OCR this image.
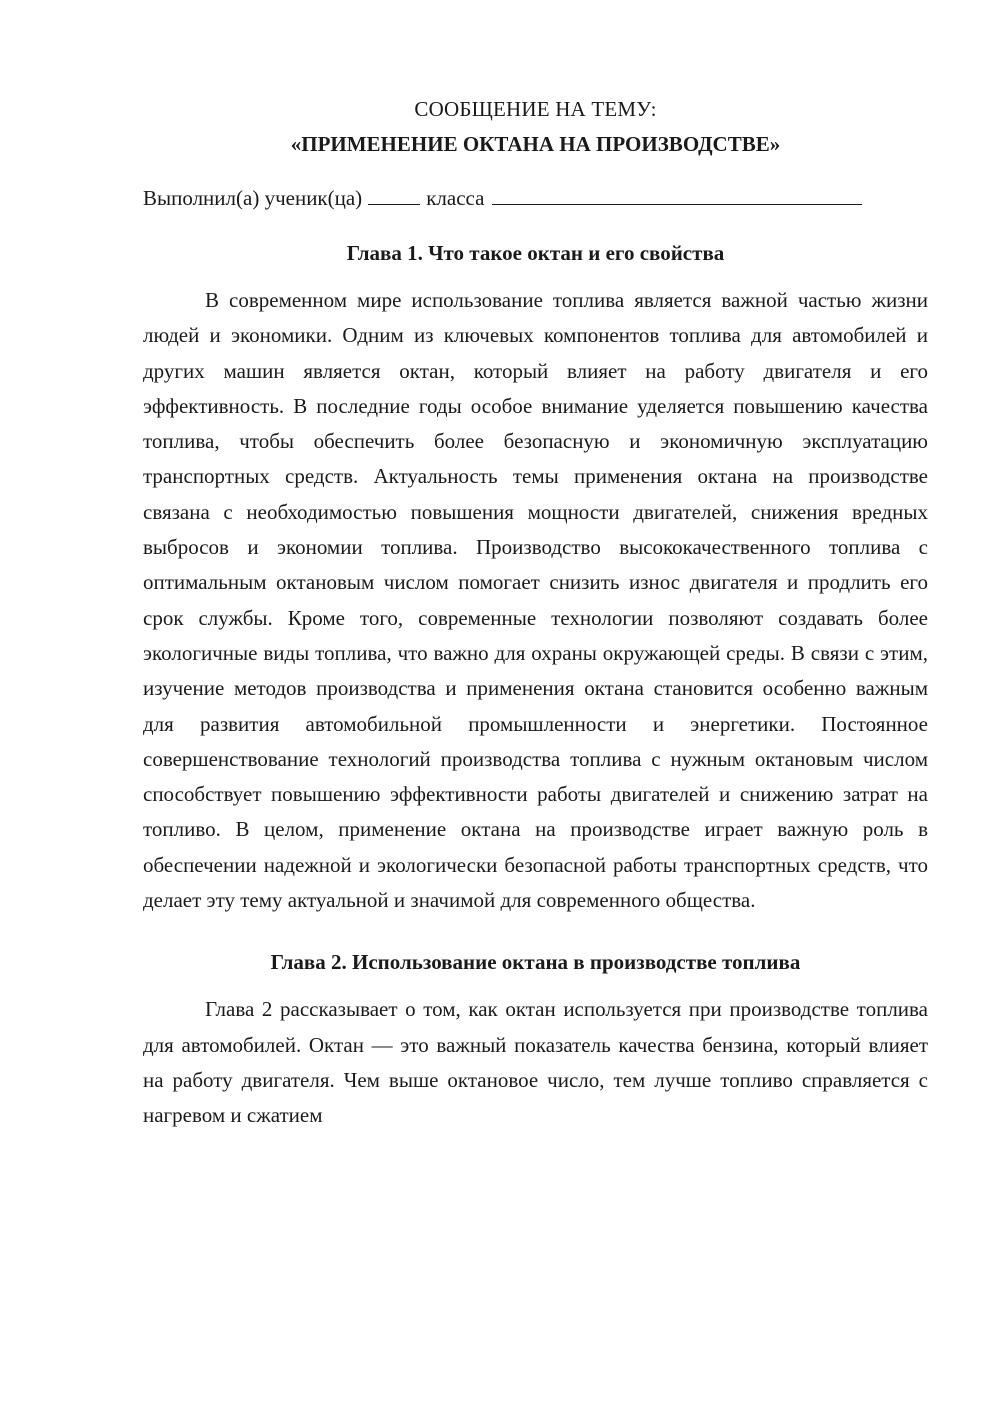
СООБЩЕНИЕ НА ТЕМУ:
«ПРИМЕНЕНИЕ ОКТАНА НА ПРОИЗВОДСТВЕ»
Выполнил(а) ученик(ца)	класса
Глава 1. Что такое октан и его свойства

В современном мире использование топлива является важной частью жизни людей и экономики. Одним из ключевых компонентов топлива для автомобилей и других машин является октан, который влияет на работу двигателя и его эффективность. В последние годы особое внимание уделяется повышению качества топлива, чтобы обеспечить более безопасную и экономичную эксплуатацию транспортных средств. Актуальность темы применения октана на производстве связана с необходимостью повышения мощности двигателей, снижения вредных выбросов и экономии топлива. Производство высококачественного топлива с оптимальным октановым числом помогает снизить износ двигателя и продлить его срок службы. Кроме того, современные технологии позволяют создавать более экологичные виды топлива, что важно для охраны окружающей среды. В связи с этим, изучение методов производства и применения октана становится особенно важным для развития автомобильной промышленности и энергетики. Постоянное совершенствование технологий производства топлива с нужным октановым числом способствует повышению эффективности работы двигателей и снижению затрат на топливо. В целом, применение октана на производстве играет важную роль в обеспечении надежной и экологически безопасной работы транспортных средств, что делает эту тему актуальной и значимой для современного общества.

Глава 2. Использование октана в производстве топлива

Глава 2 рассказывает о том, как октан используется при производстве топлива для автомобилей. Октан — это важный показатель качества бензина, который влияет на работу двигателя. Чем выше октановое число, тем лучше топливо справляется с нагревом и сжатием
